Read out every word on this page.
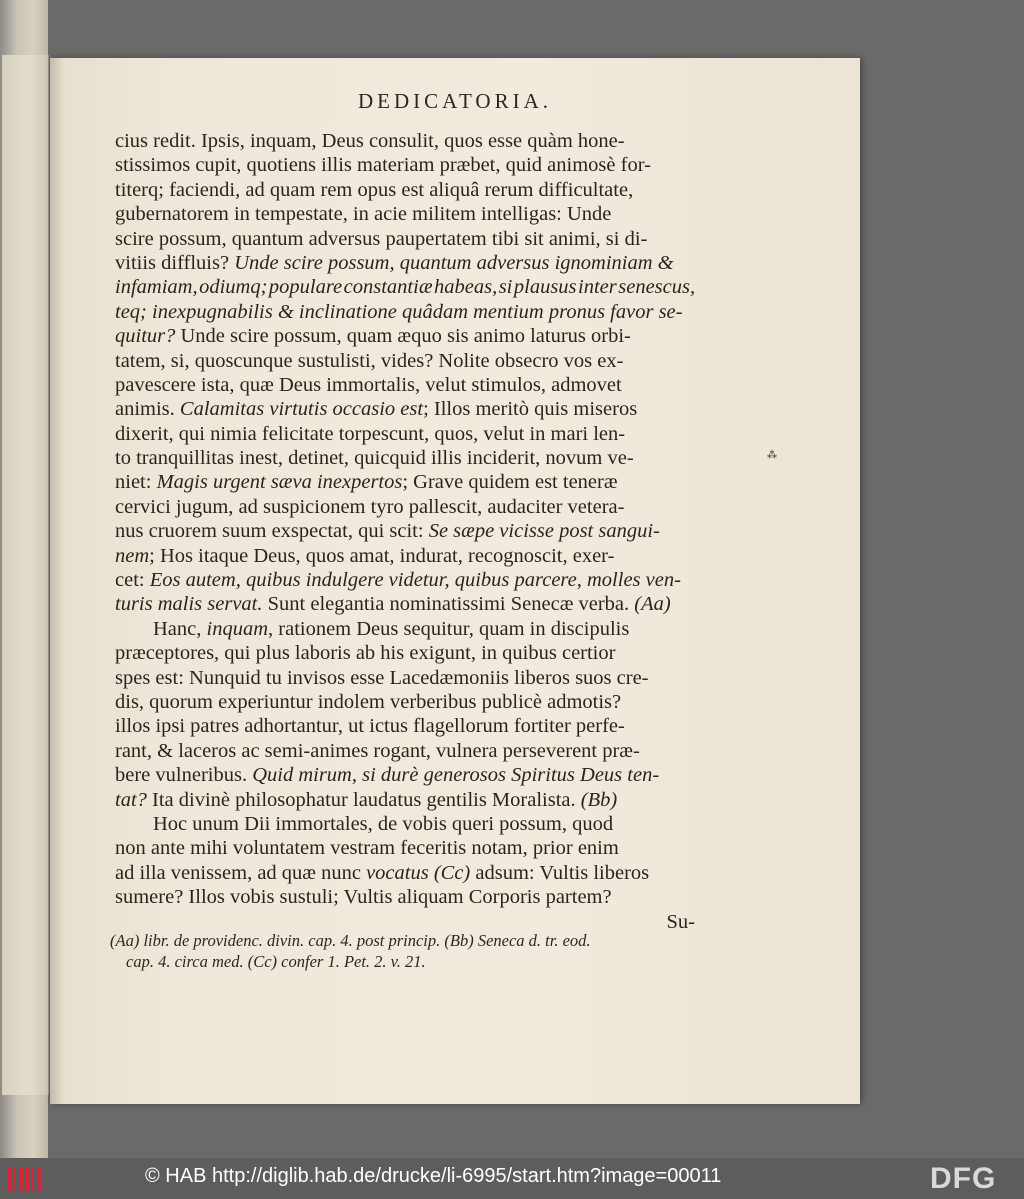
DEDICATORIA.
cius redit. Ipsis, inquam, Deus consulit, quos esse quàm hone-
stissimos cupit, quotiens illis materiam præbet, quid animosè for-
titerq; faciendi, ad quam rem opus est aliquâ rerum difficultate,
gubernatorem in tempestate, in acie militem intelligas: Unde
scire possum, quantum adversus paupertatem tibi sit animi, si di-
vitiis diffluis? Unde scire possum, quantum adversus ignominiam &
infamiam, odiumq; populare constantiæ habeas, si plausus inter senescus,
teq; inexpugnabilis & inclinatione quâdam mentium pronus favor se-
quitur? Unde scire possum, quam æquo sis animo laturus orbi-
tatem, si, quoscunque sustulisti, vides? Nolite obsecro vos ex-
pavescere ista, quæ Deus immortalis, velut stimulos, admovet
animis. Calamitas virtutis occasio est; Illos meritò quis miseros
dixerit, qui nimia felicitate torpescunt, quos, velut in mari len-
to tranquillitas inest, detinet, quicquid illis inciderit, novum ve-
niet: Magis urgent sæva inexpertos; Grave quidem est teneræ
cervici jugum, ad suspicionem tyro pallescit, audaciter vetera-
nus cruorem suum exspectat, qui scit: Se sæpe vicisse post sangui-
nem; Hos itaque Deus, quos amat, indurat, recognoscit, exer-
cet: Eos autem, quibus indulgere videtur, quibus parcere, molles ven-
turis malis servat. Sunt elegantia nominatissimi Senecæ verba. (Aa)
Hanc, inquam, rationem Deus sequitur, quam in discipulis
præceptores, qui plus laboris ab his exigunt, in quibus certior
spes est: Nunquid tu invisos esse Lacedæmoniis liberos suos cre-
dis, quorum experiuntur indolem verberibus publicè admotis?
illos ipsi patres adhortantur, ut ictus flagellorum fortiter perfe-
rant, & laceros ac semi-animes rogant, vulnera perseverent præ-
bere vulneribus. Quid mirum, si durè generosos Spiritus Deus ten-
tat? Ita divinè philosophatur laudatus gentilis Moralista. (Bb)
Hoc unum Dii immortales, de vobis queri possum, quod
non ante mihi voluntatem vestram feceritis notam, prior enim
ad illa venissem, ad quæ nunc vocatus (Cc) adsum: Vultis liberos
sumere? Illos vobis sustuli; Vultis aliquam Corporis partem?
Su-
(Aa) libr. de providenc. divin. cap. 4. post princip. (Bb) Seneca d. tr. eod.
cap. 4. circa med. (Cc) confer 1. Pet. 2. v. 21.
⁂
© HAB http://diglib.hab.de/drucke/li-6995/start.htm?image=00011	DFG
